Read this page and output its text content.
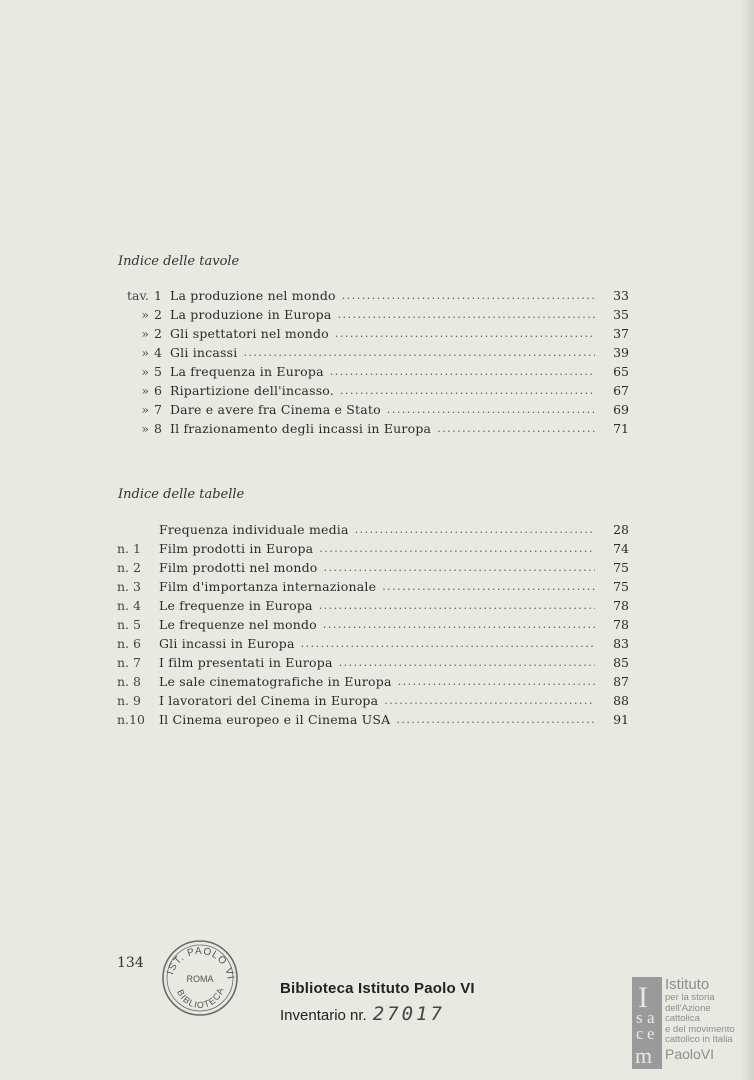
Indice delle tavole
tav. 1 La produzione nel mondo . . .	33
» 2 La produzione in Europa . . .	35
» 2 Gli spettatori nel mondo . . .	37
» 4 Gli incassi . . .	39
» 5 La frequenza in Europa . . .	65
» 6 Ripartizione dell'incasso. . . .	67
» 7 Dare e avere fra Cinema e Stato . . .	69
» 8 Il frazionamento degli incassi in Europa . . .	71
Indice delle tabelle
Frequenza individuale media . . .	28
n. 1	Film prodotti in Europa . . .	74
n. 2	Film prodotti nel mondo . . .	75
n. 3	Film d'importanza internazionale . . .	75
n. 4	Le frequenze in Europa . . .	78
n. 5	Le frequenze nel mondo . . .	78
n. 6	Gli incassi in Europa . . .	83
n. 7	I film presentati in Europa . . .	85
n. 8	Le sale cinematografiche in Europa . . .	87
n. 9	I lavoratori del Cinema in Europa . . .	88
n.10	Il Cinema europeo e il Cinema USA . . .	91
134
IST. PAOLO VI
ROMA
BIBLIOTECA	Biblioteca Istituto Paolo VI
Inventario nr. 27017	I
s a
c e
m
Istituto
per la storia
dell'Azione cattolica
e del movimento
cattolico in Italia
PaoloVI
